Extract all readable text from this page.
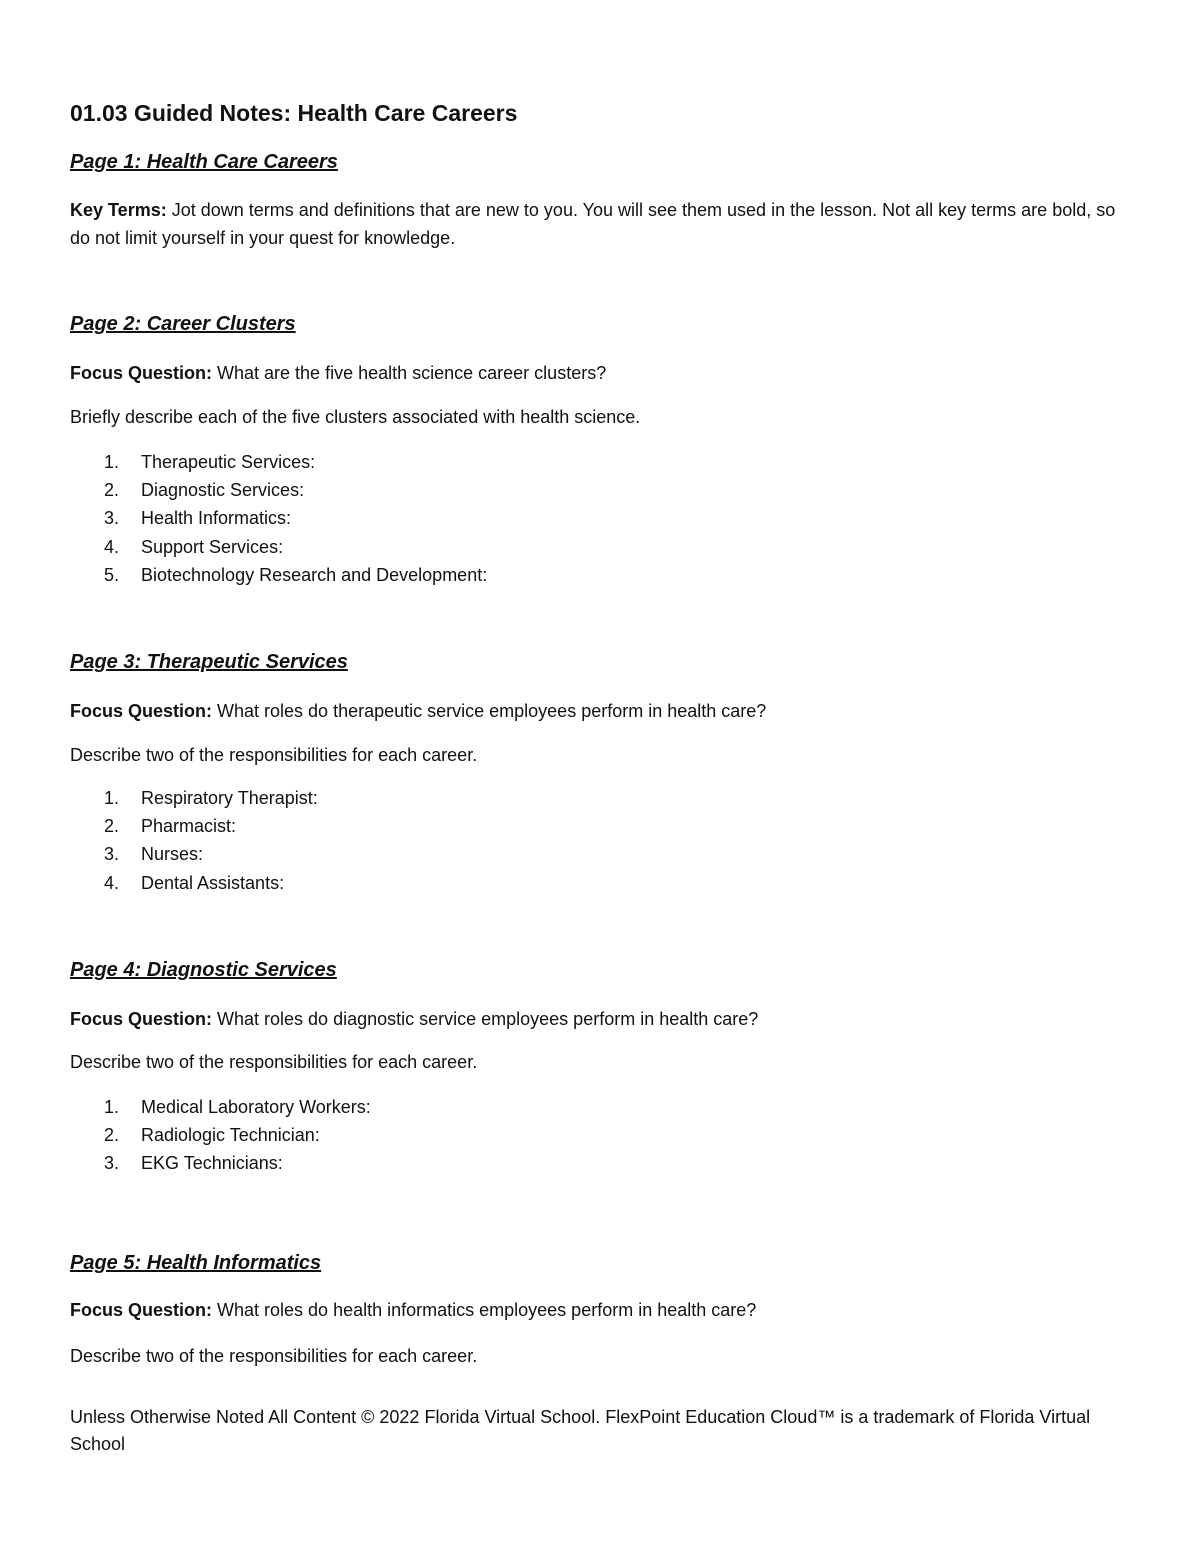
01.03 Guided Notes: Health Care Careers
Page 1: Health Care Careers

Key Terms: Jot down terms and definitions that are new to you. You will see them used in the lesson. Not all key terms are bold, so do not limit yourself in your quest for knowledge.

Page 2: Career Clusters

Focus Question: What are the five health science career clusters?

Briefly describe each of the five clusters associated with health science.

1.	Therapeutic Services:
2.	Diagnostic Services:
3.	Health Informatics:
4.	Support Services:
5.	Biotechnology Research and Development:
Page 3: Therapeutic Services

Focus Question: What roles do therapeutic service employees perform in health care?

Describe two of the responsibilities for each career.

1.	Respiratory Therapist:
2.	Pharmacist:
3.	Nurses:
4.	Dental Assistants:
Page 4: Diagnostic Services

Focus Question: What roles do diagnostic service employees perform in health care?

Describe two of the responsibilities for each career.

1.	Medical Laboratory Workers:
2.	Radiologic Technician:
3.	EKG Technicians:
Page 5: Health Informatics

Focus Question: What roles do health informatics employees perform in health care?

Describe two of the responsibilities for each career.

Unless Otherwise Noted All Content © 2022 Florida Virtual School. FlexPoint Education Cloud™ is a trademark of Florida Virtual School
